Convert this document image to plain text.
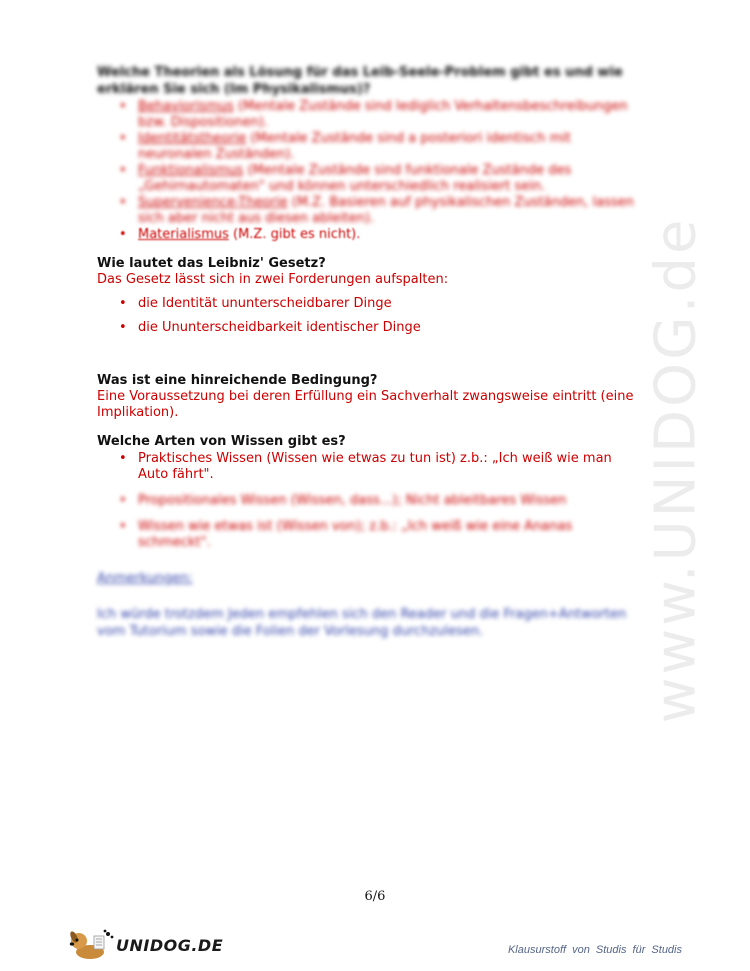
www.UNIDOG.de
Welche Theorien als Lösung für das Leib-Seele-Problem gibt es und wie erklären Sie sich (Im Physikalismus)?
• Behaviorismus (Mentale Zustände sind lediglich Verhaltensbeschreibungen bzw. Dispositionen).
• Identitätstheorie (Mentale Zustände sind a posteriori identisch mit neuronalen Zuständen).
• Funktionalismus (Mentale Zustände sind funktionale Zustände des „Gehirnautomaten" und können unterschiedlich realisiert sein.
• Supervenience-Theorie (M.Z. Basieren auf physikalischen Zuständen, lassen sich aber nicht aus diesen ableiten).
• Materialismus (M.Z. gibt es nicht).
Wie lautet das Leibniz' Gesetz?
Das Gesetz lässt sich in zwei Forderungen aufspalten:
• die Identität ununterscheidbarer Dinge
• die Ununterscheidbarkeit identischer Dinge
Was ist eine hinreichende Bedingung?
Eine Voraussetzung bei deren Erfüllung ein Sachverhalt zwangsweise eintritt (eine Implikation).
Welche Arten von Wissen gibt es?
• Praktisches Wissen (Wissen wie etwas zu tun ist) z.b.: „Ich weiß wie man Auto fährt".
• Propositionales Wissen (Wissen, dass...); Nicht ableitbares Wissen
• Wissen wie etwas ist (Wissen von); z.b.: „Ich weiß wie eine Ananas schmeckt".
Anmerkungen:
Ich würde trotzdem Jeden empfehlen sich den Reader und die Fragen+Antworten vom Tutorium sowie die Folien der Vorlesung durchzulesen.
6/6
UNIDOG.DE	Klausurstoff von Studis für Studis
